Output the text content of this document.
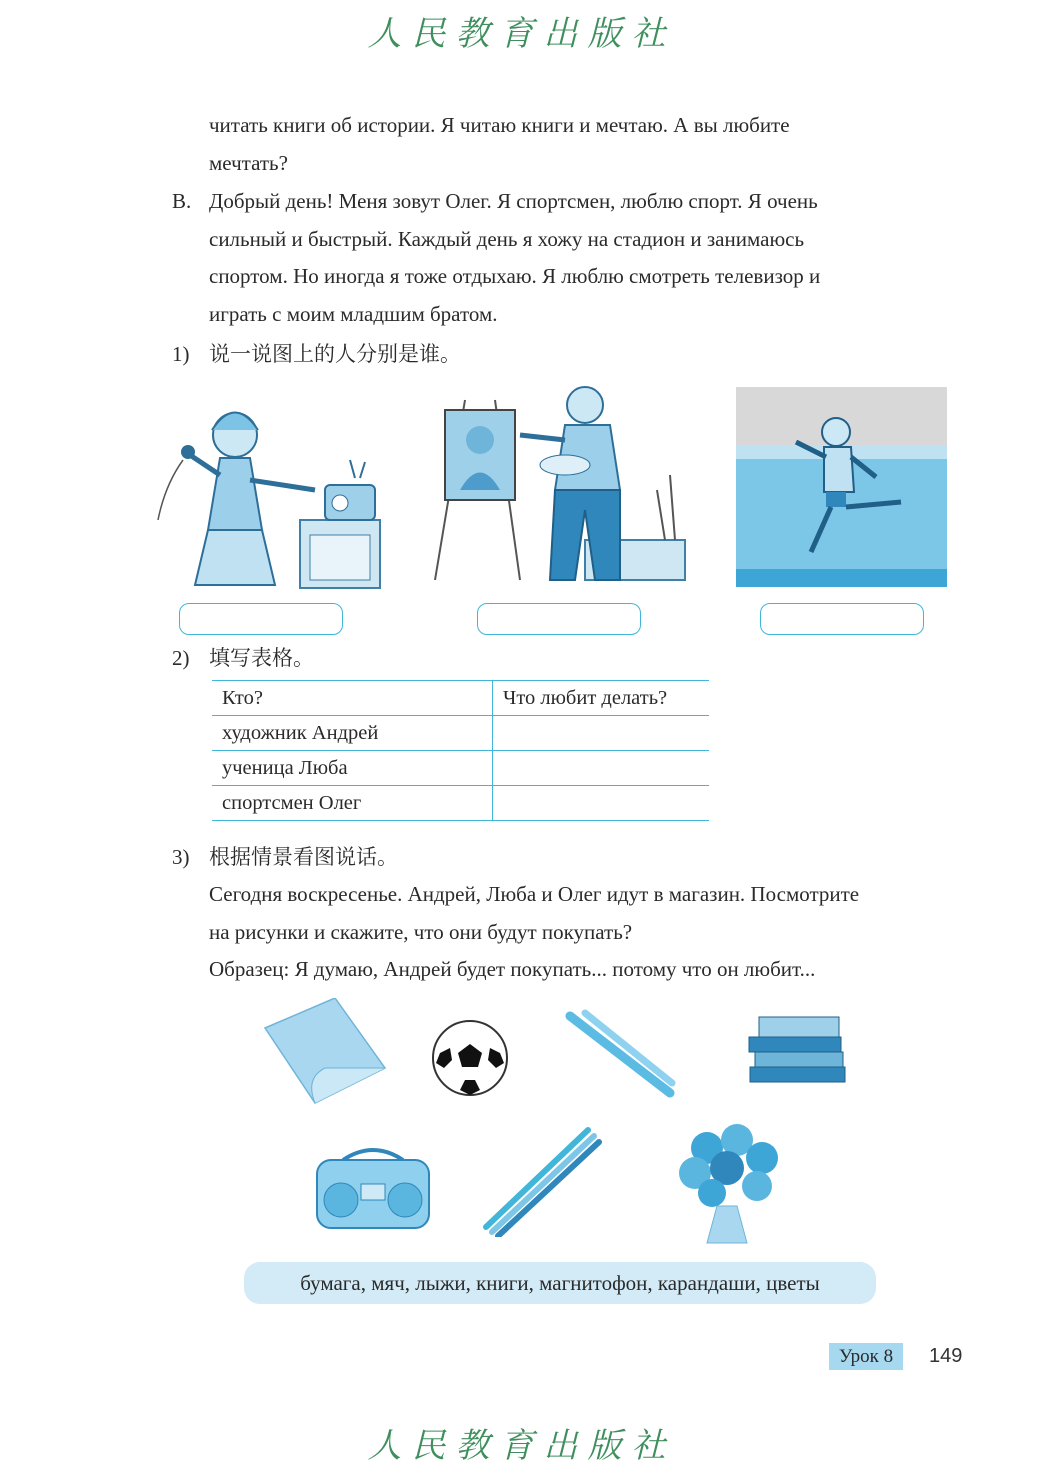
人民教育出版社
читать книги об истории. Я читаю книги и мечтаю. А вы любите
мечтать?
В. Добрый день! Меня зовут Олег. Я спортсмен, люблю спорт. Я очень
сильный и быстрый. Каждый день я хожу на стадион и занимаюсь
спортом. Но иногда я тоже отдыхаю. Я люблю смотреть телевизор и
играть с моим младшим братом.
1) 说一说图上的人分别是谁。
2) 填写表格。
Кто?	Что любит делать?
художник Андрей	
ученица Люба	
спортсмен Олег	
3) 根据情景看图说话。
Сегодня воскресенье. Андрей, Люба и Олег идут в магазин. Посмотрите
на рисунки и скажите, что они будут покупать?
Образец: Я думаю, Андрей будет покупать... потому что он любит...
бумага, мяч, лыжи, книги, магнитофон, карандаши, цветы
Урок 8	149
人民教育出版社
